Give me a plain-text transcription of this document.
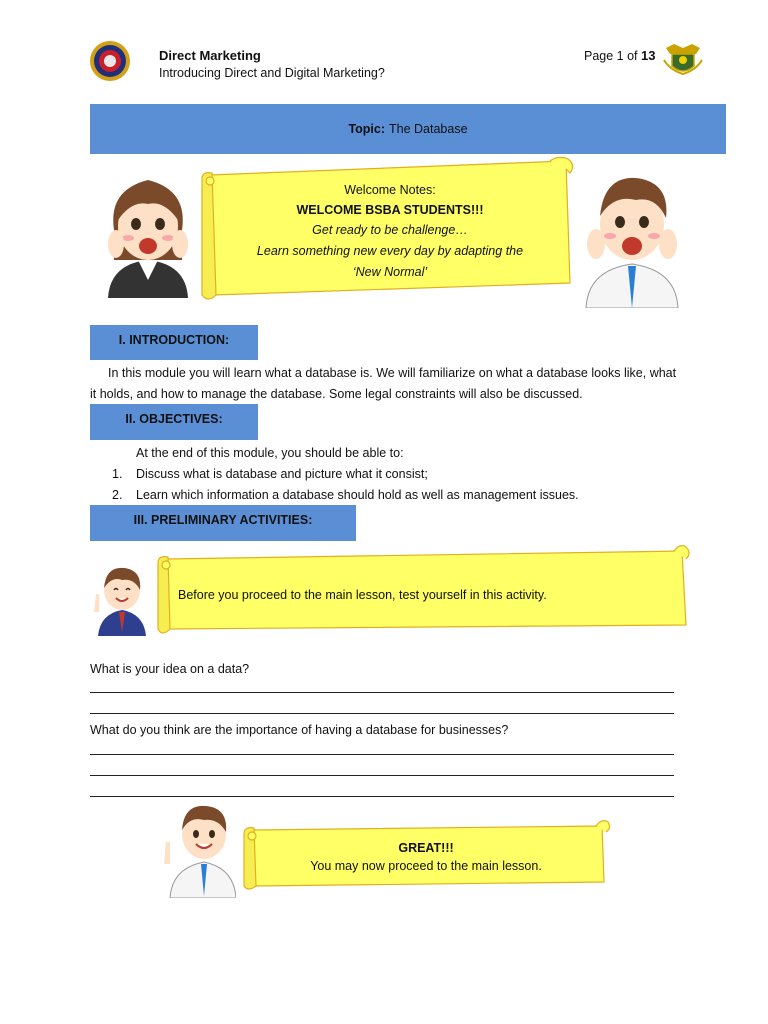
Direct Marketing
Introducing Direct and Digital Marketing?
Page 1 of 13
Topic: The Database
Welcome Notes:
WELCOME BSBA STUDENTS!!!
Get ready to be challenge…
Learn something new every day by adapting the
‘New Normal’
I. INTRODUCTION:
In this module you will learn what a database is. We will familiarize on what a database looks like, what
it holds, and how to manage the database. Some legal constraints will also be discussed.
II. OBJECTIVES:
At the end of this module, you should be able to:
1. Discuss what is database and picture what it consist;
2. Learn which information a database should hold as well as management issues.
III. PRELIMINARY ACTIVITIES:
Before you proceed to the main lesson, test yourself in this activity.
What is your idea on a data?
What do you think are the importance of having a database for businesses?
GREAT!!!
You may now proceed to the main lesson.
